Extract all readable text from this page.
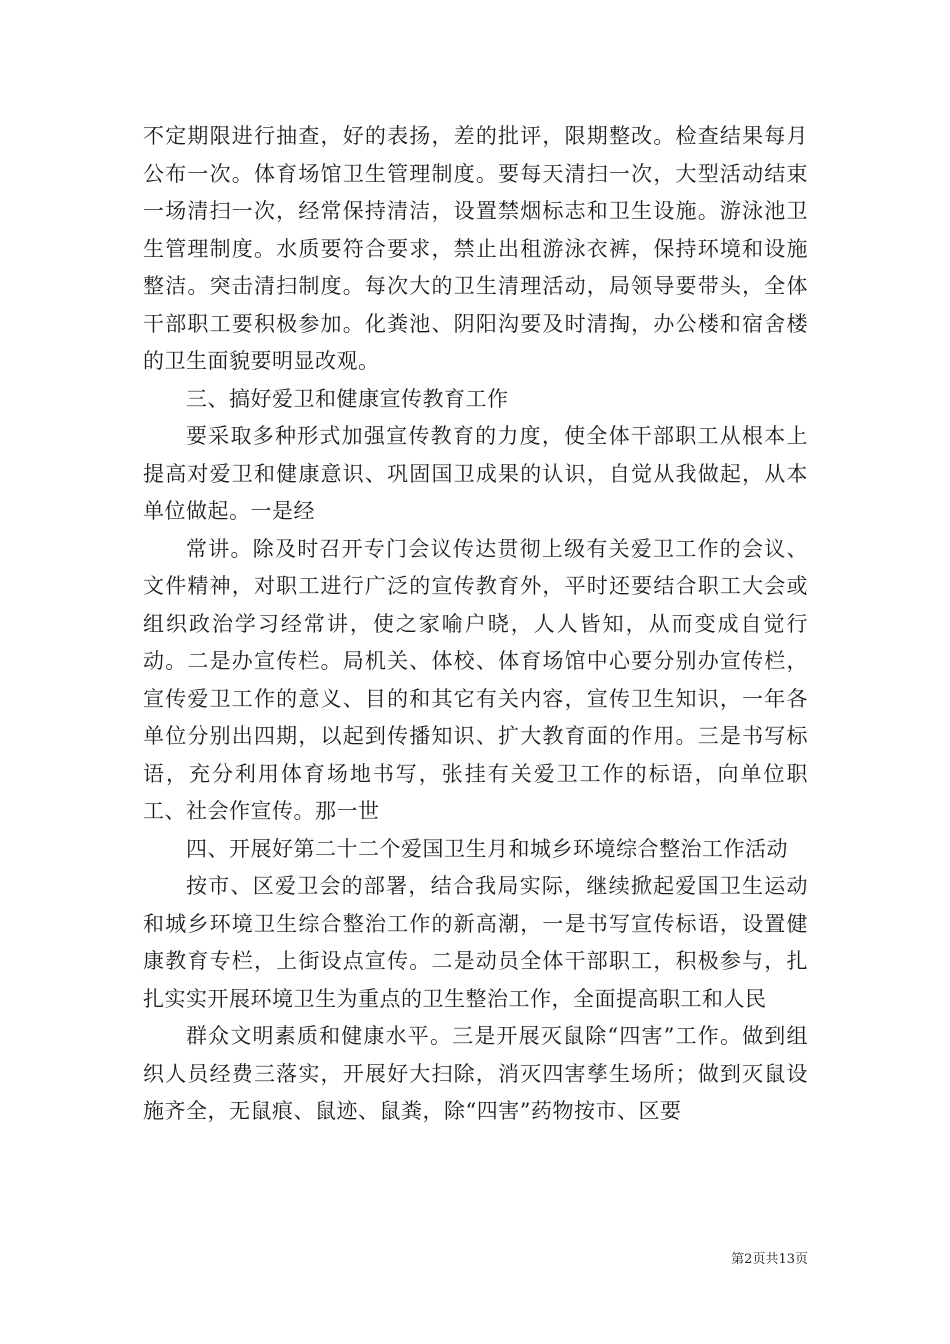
不定期限进行抽查，好的表扬，差的批评，限期整改。检查结果每月公布一次。体育场馆卫生管理制度。要每天清扫一次，大型活动结束一场清扫一次，经常保持清洁，设置禁烟标志和卫生设施。游泳池卫生管理制度。水质要符合要求，禁止出租游泳衣裤，保持环境和设施整洁。突击清扫制度。每次大的卫生清理活动，局领导要带头，全体干部职工要积极参加。化粪池、阴阳沟要及时清掏，办公楼和宿舍楼的卫生面貌要明显改观。

三、搞好爱卫和健康宣传教育工作

要采取多种形式加强宣传教育的力度，使全体干部职工从根本上提高对爱卫和健康意识、巩固国卫成果的认识，自觉从我做起，从本单位做起。一是经

常讲。除及时召开专门会议传达贯彻上级有关爱卫工作的会议、文件精神，对职工进行广泛的宣传教育外，平时还要结合职工大会或组织政治学习经常讲，使之家喻户晓，人人皆知，从而变成自觉行动。二是办宣传栏。局机关、体校、体育场馆中心要分别办宣传栏，宣传爱卫工作的意义、目的和其它有关内容，宣传卫生知识，一年各单位分别出四期，以起到传播知识、扩大教育面的作用。三是书写标语，充分利用体育场地书写，张挂有关爱卫工作的标语，向单位职工、社会作宣传。那一世

四、开展好第二十二个爱国卫生月和城乡环境综合整治工作活动

按市、区爱卫会的部署，结合我局实际，继续掀起爱国卫生运动和城乡环境卫生综合整治工作的新高潮，一是书写宣传标语，设置健康教育专栏，上街设点宣传。二是动员全体干部职工，积极参与，扎扎实实开展环境卫生为重点的卫生整治工作，全面提高职工和人民

群众文明素质和健康水平。三是开展灭鼠除“四害”工作。做到组织人员经费三落实，开展好大扫除，消灭四害孳生场所；做到灭鼠设施齐全，无鼠痕、鼠迹、鼠粪，除“四害”药物按市、区要

第2页共13页
